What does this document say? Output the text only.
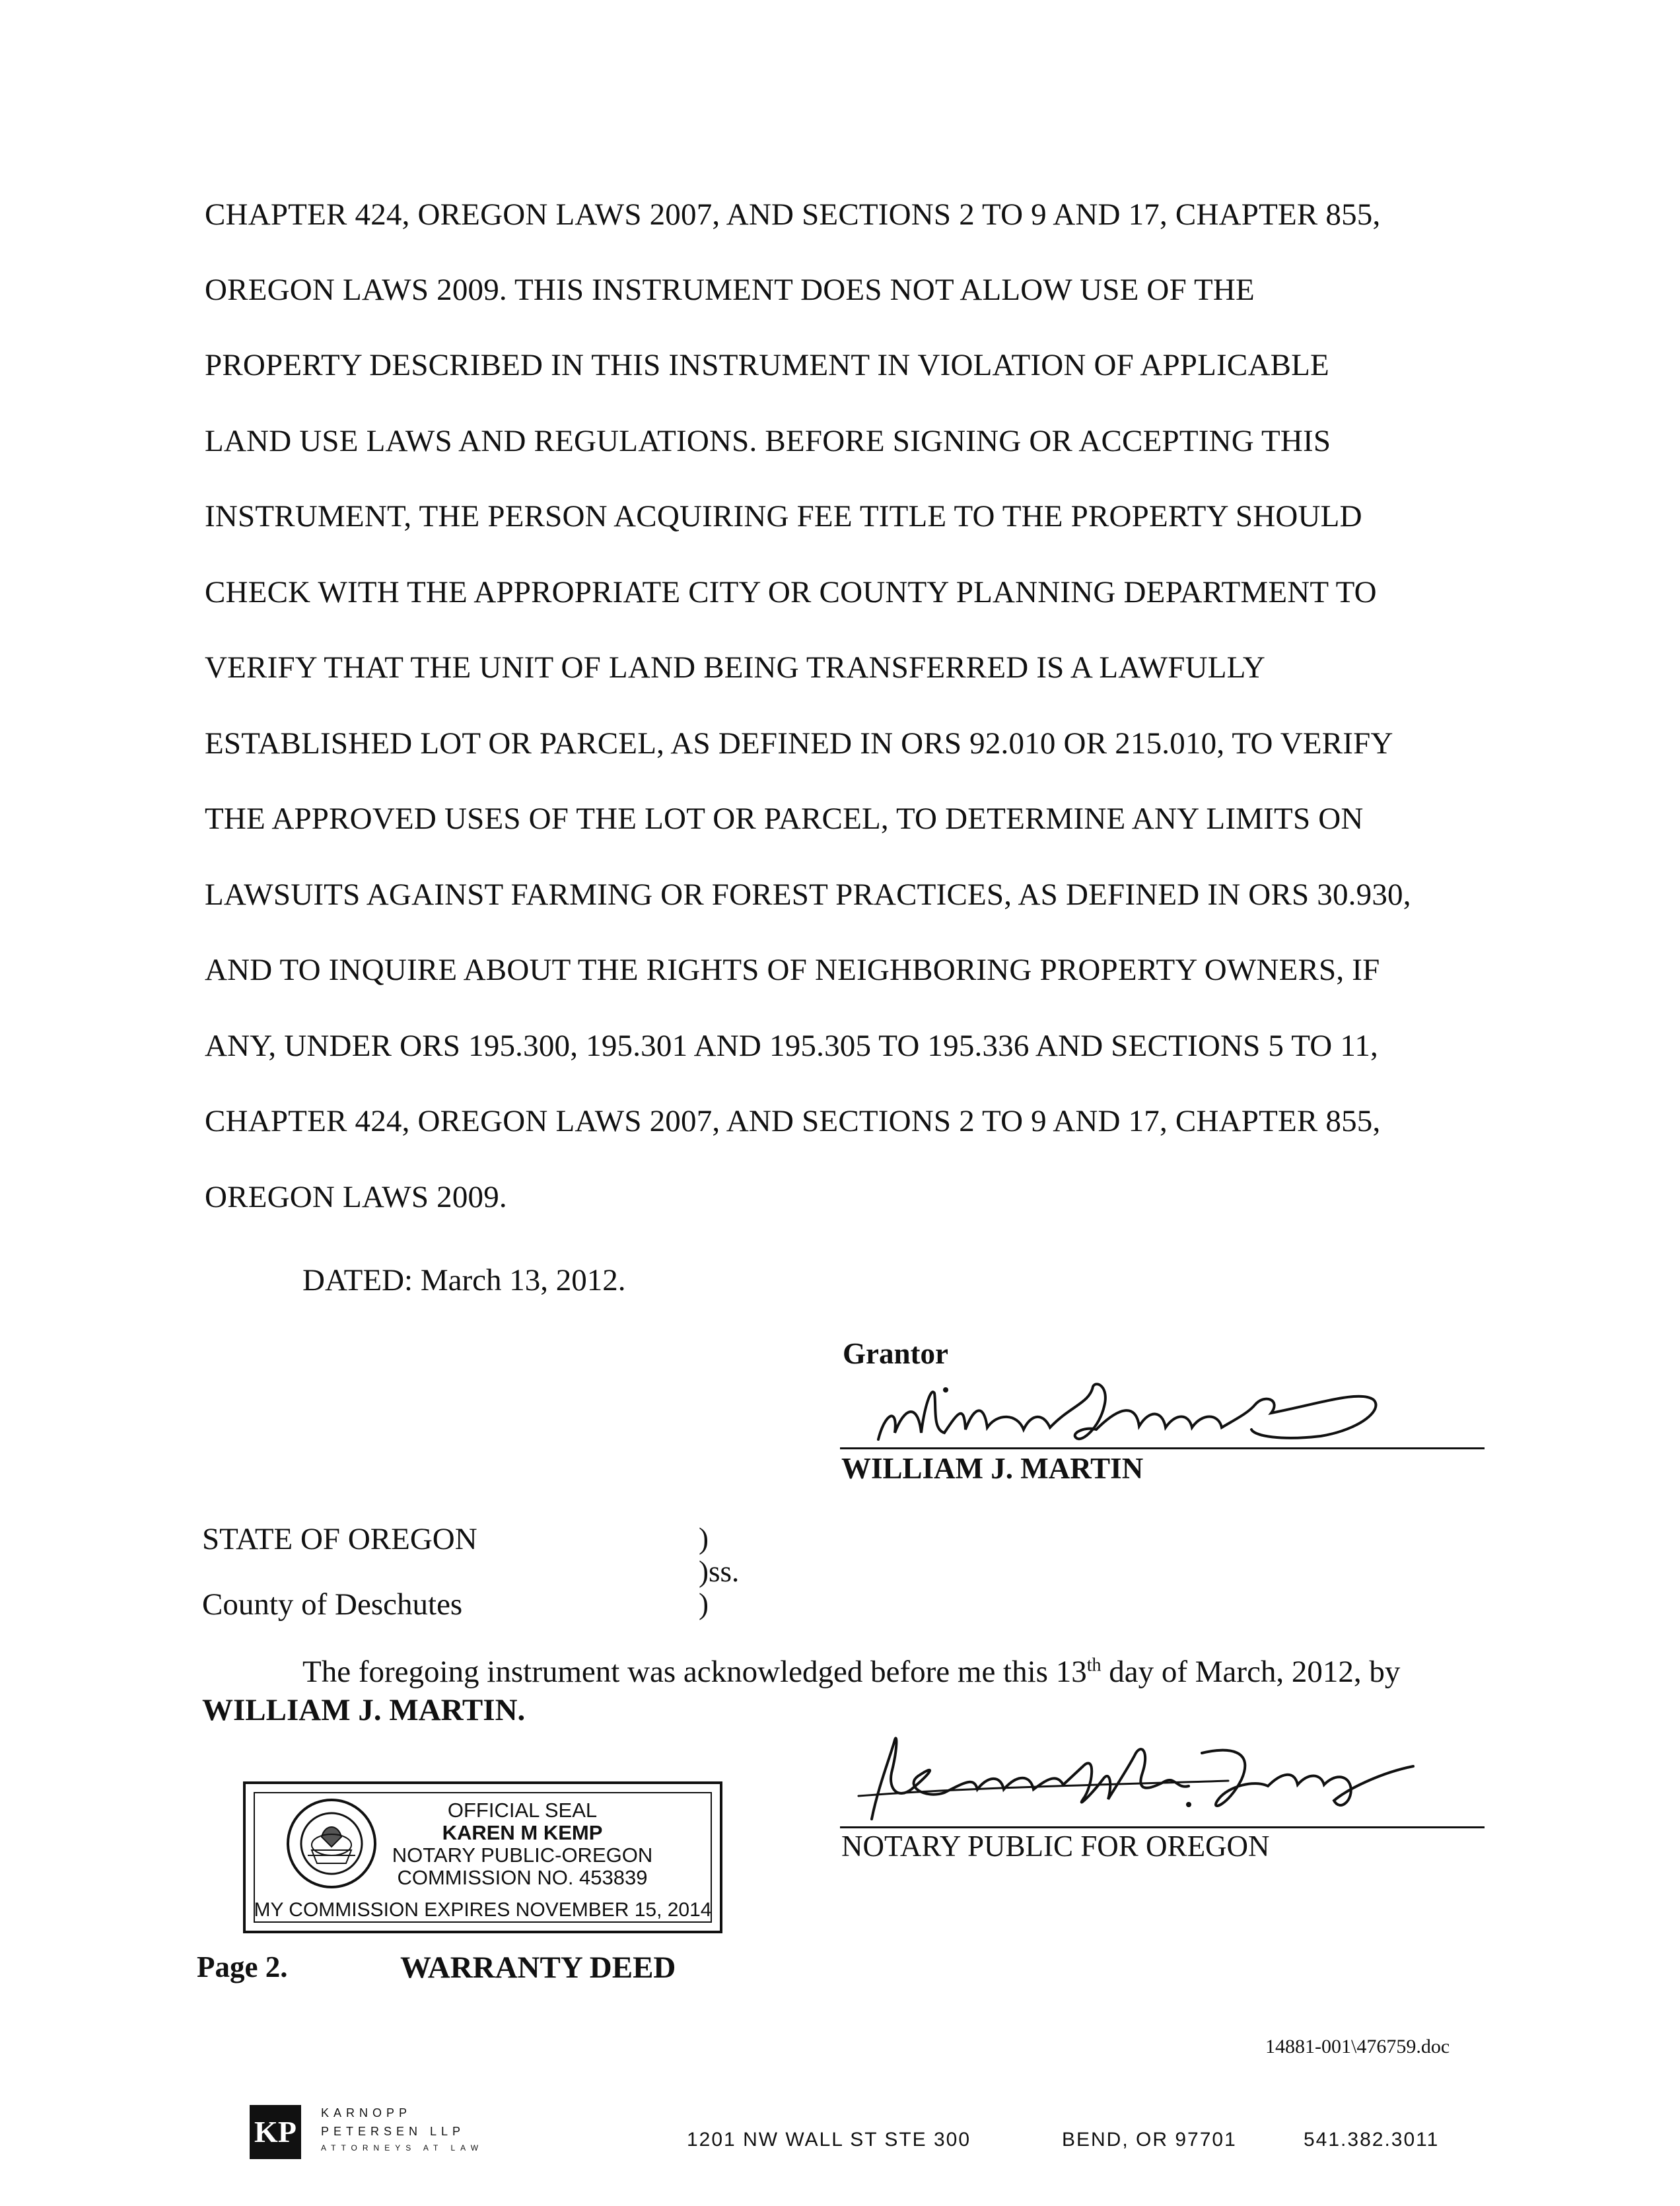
CHAPTER 424, OREGON LAWS 2007, AND SECTIONS 2 TO 9 AND 17, CHAPTER 855,
OREGON LAWS 2009. THIS INSTRUMENT DOES NOT ALLOW USE OF THE
PROPERTY DESCRIBED IN THIS INSTRUMENT IN VIOLATION OF APPLICABLE
LAND USE LAWS AND REGULATIONS. BEFORE SIGNING OR ACCEPTING THIS
INSTRUMENT, THE PERSON ACQUIRING FEE TITLE TO THE PROPERTY SHOULD
CHECK WITH THE APPROPRIATE CITY OR COUNTY PLANNING DEPARTMENT TO
VERIFY THAT THE UNIT OF LAND BEING TRANSFERRED IS A LAWFULLY
ESTABLISHED LOT OR PARCEL, AS DEFINED IN ORS 92.010 OR 215.010, TO VERIFY
THE APPROVED USES OF THE LOT OR PARCEL, TO DETERMINE ANY LIMITS ON
LAWSUITS AGAINST FARMING OR FOREST PRACTICES, AS DEFINED IN ORS 30.930,
AND TO INQUIRE ABOUT THE RIGHTS OF NEIGHBORING PROPERTY OWNERS, IF
ANY, UNDER ORS 195.300, 195.301 AND 195.305 TO 195.336 AND SECTIONS 5 TO 11,
CHAPTER 424, OREGON LAWS 2007, AND SECTIONS 2 TO 9 AND 17, CHAPTER 855,
OREGON LAWS 2009.
DATED: March 13, 2012.
Grantor
WILLIAM J. MARTIN
STATE OF OREGON
County of Deschutes
)
)ss.
)
The foregoing instrument was acknowledged before me this 13th day of March, 2012, by
WILLIAM J. MARTIN.
NOTARY PUBLIC FOR OREGON
OFFICIAL SEAL
KAREN M KEMP
NOTARY PUBLIC-OREGON
COMMISSION NO. 453839
MY COMMISSION EXPIRES NOVEMBER 15, 2014
Page 2.	WARRANTY DEED
14881-001\476759.doc
KP
KARNOPP
PETERSEN LLP
ATTORNEYS AT LAW	1201 NW WALL ST STE 300	BEND, OR 97701	541.382.3011
